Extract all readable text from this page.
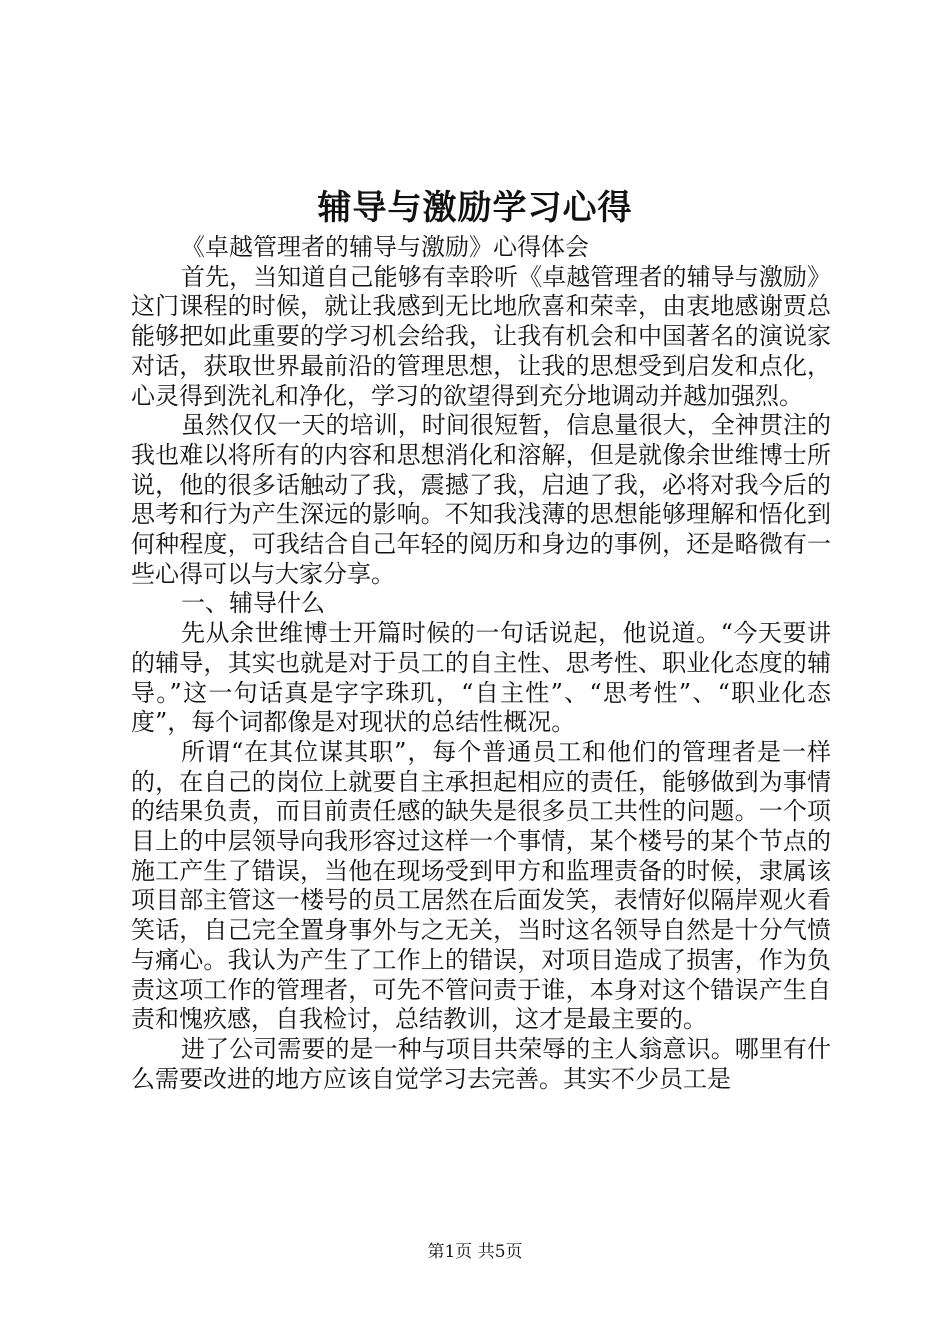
辅导与激励学习心得

《卓越管理者的辅导与激励》心得体会

首先，当知道自己能够有幸聆听《卓越管理者的辅导与激励》这门课程的时候，就让我感到无比地欣喜和荣幸，由衷地感谢贾总能够把如此重要的学习机会给我，让我有机会和中国著名的演说家对话，获取世界最前沿的管理思想，让我的思想受到启发和点化，心灵得到洗礼和净化，学习的欲望得到充分地调动并越加强烈。

虽然仅仅一天的培训，时间很短暂，信息量很大，全神贯注的我也难以将所有的内容和思想消化和溶解，但是就像余世维博士所说，他的很多话触动了我，震撼了我，启迪了我，必将对我今后的思考和行为产生深远的影响。不知我浅薄的思想能够理解和悟化到何种程度，可我结合自己年轻的阅历和身边的事例，还是略微有一些心得可以与大家分享。

一、辅导什么

先从余世维博士开篇时候的一句话说起，他说道。“今天要讲的辅导，其实也就是对于员工的自主性、思考性、职业化态度的辅导。”这一句话真是字字珠玑，“自主性”、“思考性”、“职业化态度”，每个词都像是对现状的总结性概况。

所谓“在其位谋其职”，每个普通员工和他们的管理者是一样的，在自己的岗位上就要自主承担起相应的责任，能够做到为事情的结果负责，而目前责任感的缺失是很多员工共性的问题。一个项目上的中层领导向我形容过这样一个事情，某个楼号的某个节点的施工产生了错误，当他在现场受到甲方和监理责备的时候，隶属该项目部主管这一楼号的员工居然在后面发笑，表情好似隔岸观火看笑话，自己完全置身事外与之无关，当时这名领导自然是十分气愤与痛心。我认为产生了工作上的错误，对项目造成了损害，作为负责这项工作的管理者，可先不管问责于谁，本身对这个错误产生自责和愧疚感，自我检讨，总结教训，这才是最主要的。

进了公司需要的是一种与项目共荣辱的主人翁意识。哪里有什么需要改进的地方应该自觉学习去完善。其实不少员工是

第1页 共5页
